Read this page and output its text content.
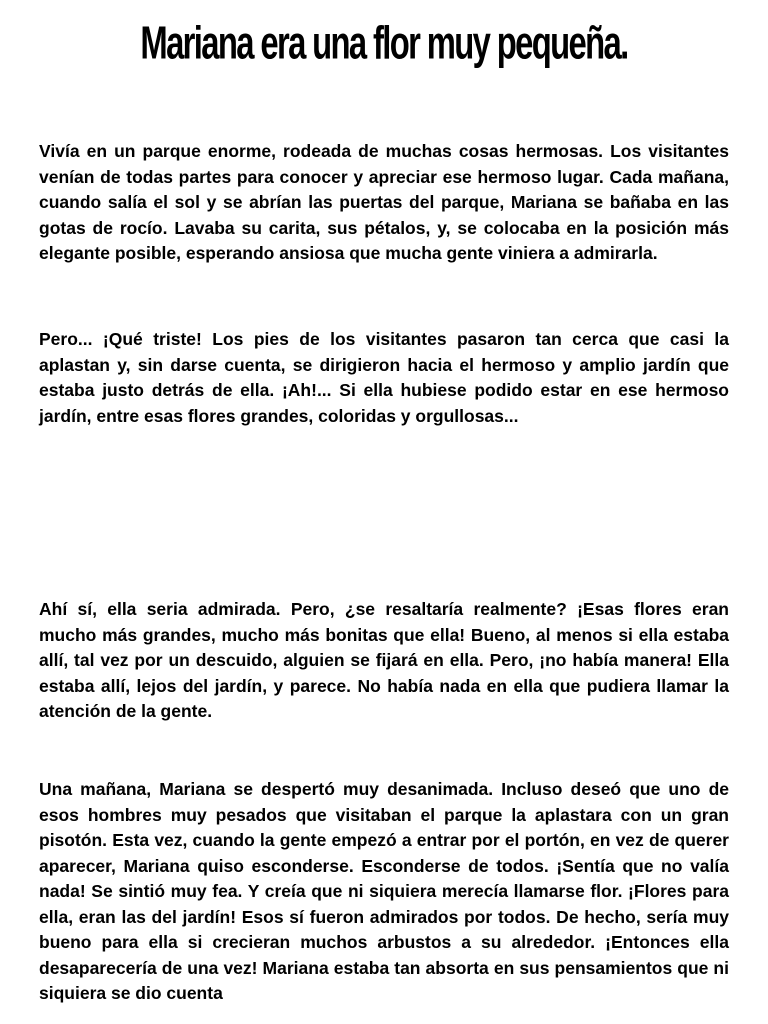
Mariana era una flor muy pequeña.

Vivía en un parque enorme, rodeada de muchas cosas hermosas. Los visitantes venían de todas partes para conocer y apreciar ese hermoso lugar. Cada mañana, cuando salía el sol y se abrían las puertas del parque, Mariana se bañaba en las gotas de rocío. Lavaba su carita, sus pétalos, y, se colocaba en la posición más elegante posible, esperando ansiosa que mucha gente viniera a admirarla.

Pero... ¡Qué triste! Los pies de los visitantes pasaron tan cerca que casi la aplastan y, sin darse cuenta, se dirigieron hacia el hermoso y amplio jardín que estaba justo detrás de ella. ¡Ah!... Si ella hubiese podido estar en ese hermoso jardín, entre esas flores grandes, coloridas y orgullosas...

Ahí sí, ella seria admirada. Pero, ¿se resaltaría realmente? ¡Esas flores eran mucho más grandes, mucho más bonitas que ella! Bueno, al menos si ella estaba allí, tal vez por un descuido, alguien se fijará en ella. Pero, ¡no había manera! Ella estaba allí, lejos del jardín, y parece. No había nada en ella que pudiera llamar la atención de la gente.

Una mañana, Mariana se despertó muy desanimada. Incluso deseó que uno de esos hombres muy pesados que visitaban el parque la aplastara con un gran pisotón. Esta vez, cuando la gente empezó a entrar por el portón, en vez de querer aparecer, Mariana quiso esconderse. Esconderse de todos. ¡Sentía que no valía nada! Se sintió muy fea. Y creía que ni siquiera merecía llamarse flor. ¡Flores para ella, eran las del jardín! Esos sí fueron admirados por todos. De hecho, sería muy bueno para ella si crecieran muchos arbustos a su alrededor. ¡Entonces ella desaparecería de una vez! Mariana estaba tan absorta en sus pensamientos que ni siquiera se dio cuenta
